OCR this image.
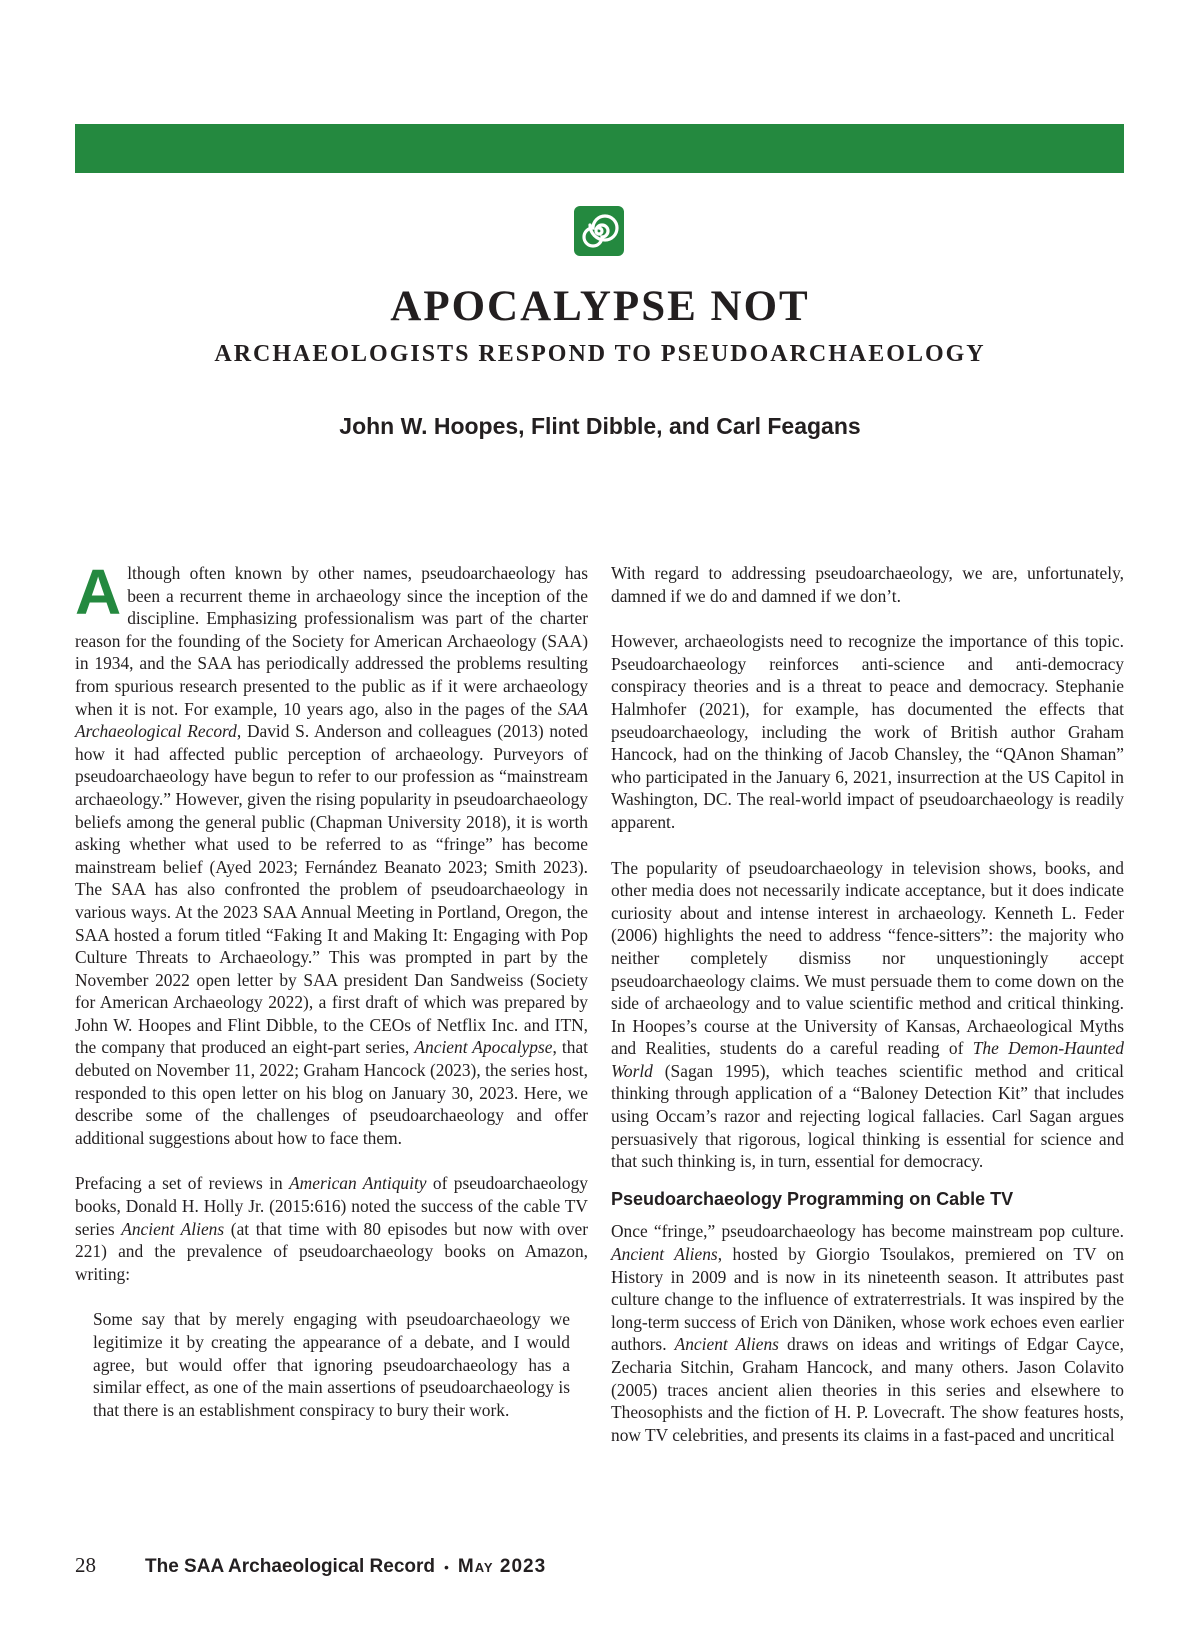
APOCALYPSE NOT
ARCHAEOLOGISTS RESPOND TO PSEUDOARCHAEOLOGY
John W. Hoopes, Flint Dibble, and Carl Feagans

Although often known by other names, pseudoarchaeology has been a recurrent theme in archaeology since the inception of the discipline. Emphasizing professionalism was part of the charter reason for the founding of the Society for American Archaeology (SAA) in 1934, and the SAA has periodically addressed the problems resulting from spurious research presented to the public as if it were archaeology when it is not. For example, 10 years ago, also in the pages of the SAA Archaeological Record, David S. Anderson and colleagues (2013) noted how it had affected public perception of archaeology. Purveyors of pseudoarchaeology have begun to refer to our profession as “mainstream archaeology.” However, given the rising popularity in pseudoarchaeology beliefs among the general public (Chapman University 2018), it is worth asking whether what used to be referred to as “fringe” has become mainstream belief (Ayed 2023; Fernández Beanato 2023; Smith 2023). The SAA has also confronted the problem of pseudoarchaeology in various ways. At the 2023 SAA Annual Meeting in Portland, Oregon, the SAA hosted a forum titled “Faking It and Making It: Engaging with Pop Culture Threats to Archaeology.” This was prompted in part by the November 2022 open letter by SAA president Dan Sandweiss (Society for American Archaeology 2022), a first draft of which was prepared by John W. Hoopes and Flint Dibble, to the CEOs of Netflix Inc. and ITN, the company that produced an eight-part series, Ancient Apocalypse, that debuted on November 11, 2022; Graham Hancock (2023), the series host, responded to this open letter on his blog on January 30, 2023. Here, we describe some of the challenges of pseudoarchaeology and offer additional suggestions about how to face them.

Prefacing a set of reviews in American Antiquity of pseudoarchaeology books, Donald H. Holly Jr. (2015:616) noted the success of the cable TV series Ancient Aliens (at that time with 80 episodes but now with over 221) and the prevalence of pseudoarchaeology books on Amazon, writing:

Some say that by merely engaging with pseudoarchaeology we legitimize it by creating the appearance of a debate, and I would agree, but would offer that ignoring pseudoarchaeology has a similar effect, as one of the main assertions of pseudoarchaeology is that there is an establishment conspiracy to bury their work.

With regard to addressing pseudoarchaeology, we are, unfortunately, damned if we do and damned if we don’t.

However, archaeologists need to recognize the importance of this topic. Pseudoarchaeology reinforces anti-science and anti-democracy conspiracy theories and is a threat to peace and democracy. Stephanie Halmhofer (2021), for example, has documented the effects that pseudoarchaeology, including the work of British author Graham Hancock, had on the thinking of Jacob Chansley, the “QAnon Shaman” who participated in the January 6, 2021, insurrection at the US Capitol in Washington, DC. The real-world impact of pseudoarchaeology is readily apparent.

The popularity of pseudoarchaeology in television shows, books, and other media does not necessarily indicate acceptance, but it does indicate curiosity about and intense interest in archaeology. Kenneth L. Feder (2006) highlights the need to address “fence-sitters”: the majority who neither completely dismiss nor unquestioningly accept pseudoarchaeology claims. We must persuade them to come down on the side of archaeology and to value scientific method and critical thinking. In Hoopes’s course at the University of Kansas, Archaeological Myths and Realities, students do a careful reading of The Demon-Haunted World (Sagan 1995), which teaches scientific method and critical thinking through application of a “Baloney Detection Kit” that includes using Occam’s razor and rejecting logical fallacies. Carl Sagan argues persuasively that rigorous, logical thinking is essential for science and that such thinking is, in turn, essential for democracy.

Pseudoarchaeology Programming on Cable TV

Once “fringe,” pseudoarchaeology has become mainstream pop culture. Ancient Aliens, hosted by Giorgio Tsoulakos, premiered on TV on History in 2009 and is now in its nineteenth season. It attributes past culture change to the influence of extraterrestrials. It was inspired by the long-term success of Erich von Däniken, whose work echoes even earlier authors. Ancient Aliens draws on ideas and writings of Edgar Cayce, Zecharia Sitchin, Graham Hancock, and many others. Jason Colavito (2005) traces ancient alien theories in this series and elsewhere to Theosophists and the fiction of H. P. Lovecraft. The show features hosts, now TV celebrities, and presents its claims in a fast-paced and uncritical

28	The SAA Archaeological Record • May 2023
